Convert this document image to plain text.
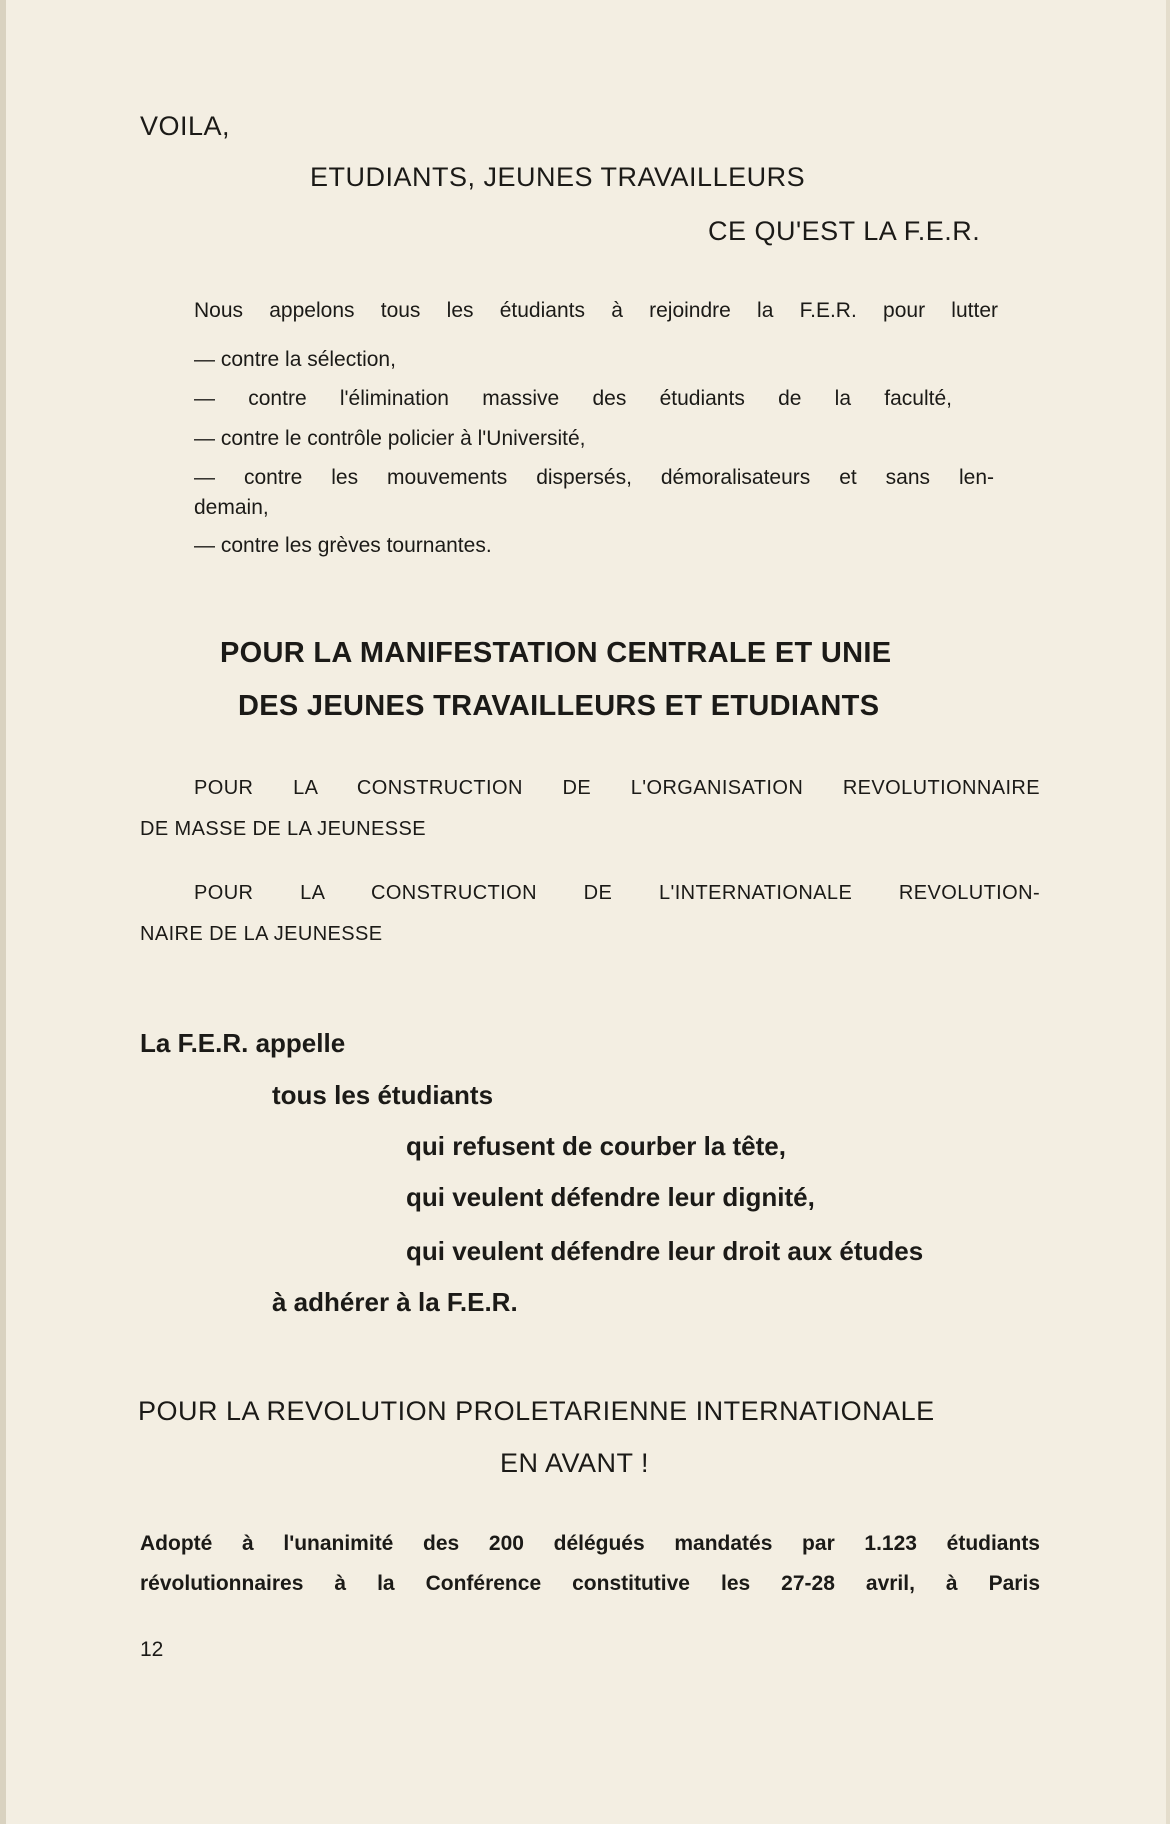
VOILA,

ETUDIANTS, JEUNES TRAVAILLEURS

CE QU'EST LA F.E.R.

Nous appelons tous les étudiants à rejoindre la F.E.R. pour lutter

— contre la sélection,

— contre l'élimination massive des étudiants de la faculté,

— contre le contrôle policier à l'Université,

— contre les mouvements dispersés, démoralisateurs et sans len-

demain,

— contre les grèves tournantes.

POUR LA MANIFESTATION CENTRALE ET UNIE

DES JEUNES TRAVAILLEURS ET ETUDIANTS

POUR LA CONSTRUCTION DE L'ORGANISATION REVOLUTIONNAIRE

DE MASSE DE LA JEUNESSE

POUR LA CONSTRUCTION DE L'INTERNATIONALE REVOLUTION-

NAIRE DE LA JEUNESSE

La F.E.R. appelle

tous les étudiants

qui refusent de courber la tête,

qui veulent défendre leur dignité,

qui veulent défendre leur droit aux études

à adhérer à la F.E.R.

POUR LA REVOLUTION PROLETARIENNE INTERNATIONALE

EN AVANT !

Adopté à l'unanimité des 200 délégués mandatés par 1.123 étudiants

révolutionnaires à la Conférence constitutive les 27-28 avril, à Paris

12
